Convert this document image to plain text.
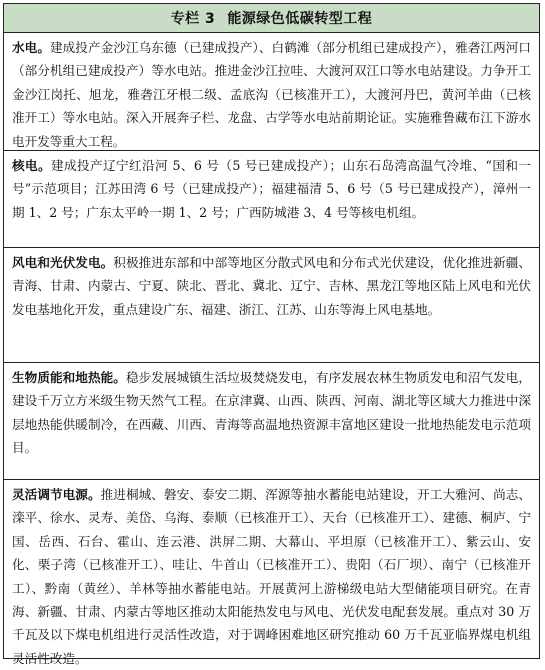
专栏 3 能源绿色低碳转型工程
水电。建成投产金沙江乌东德（已建成投产）、白鹤滩（部分机组已建成投产），雅砻江两河口（部分机组已建成投产）等水电站。推进金沙江拉哇、大渡河双江口等水电站建设。力争开工金沙江岗托、旭龙，雅砻江牙根二级、孟底沟（已核准开工），大渡河丹巴，黄河羊曲（已核准开工）等水电站。深入开展奔子栏、龙盘、古学等水电站前期论证。实施雅鲁藏布江下游水电开发等重大工程。
核电。建成投产辽宁红沿河 5、6 号（5 号已建成投产）；山东石岛湾高温气冷堆、“国和一号”示范项目；江苏田湾 6 号（已建成投产）；福建福清 5、6 号（5 号已建成投产），漳州一期 1、2 号；广东太平岭一期 1、2 号；广西防城港 3、4 号等核电机组。
风电和光伏发电。积极推进东部和中部等地区分散式风电和分布式光伏建设，优化推进新疆、青海、甘肃、内蒙古、宁夏、陕北、晋北、冀北、辽宁、吉林、黑龙江等地区陆上风电和光伏发电基地化开发，重点建设广东、福建、浙江、江苏、山东等海上风电基地。
生物质能和地热能。稳步发展城镇生活垃圾焚烧发电，有序发展农林生物质发电和沼气发电，建设千万立方米级生物天然气工程。在京津冀、山西、陕西、河南、湖北等区域大力推进中深层地热能供暖制冷，在西藏、川西、青海等高温地热资源丰富地区建设一批地热能发电示范项目。
灵活调节电源。推进桐城、磐安、泰安二期、浑源等抽水蓄能电站建设，开工大雅河、尚志、滦平、徐水、灵寿、美岱、乌海、泰顺（已核准开工）、天台（已核准开工）、建德、桐庐、宁国、岳西、石台、霍山、连云港、洪屏二期、大幕山、平坦原（已核准开工）、紫云山、安化、栗子湾（已核准开工）、哇让、牛首山（已核准开工）、贵阳（石厂坝）、南宁（已核准开工）、黔南（黄丝）、羊林等抽水蓄能电站。开展黄河上游梯级电站大型储能项目研究。在青海、新疆、甘肃、内蒙古等地区推动太阳能热发电与风电、光伏发电配套发展。重点对 30 万千瓦及以下煤电机组进行灵活性改造，对于调峰困难地区研究推动 60 万千瓦亚临界煤电机组灵活性改造。
